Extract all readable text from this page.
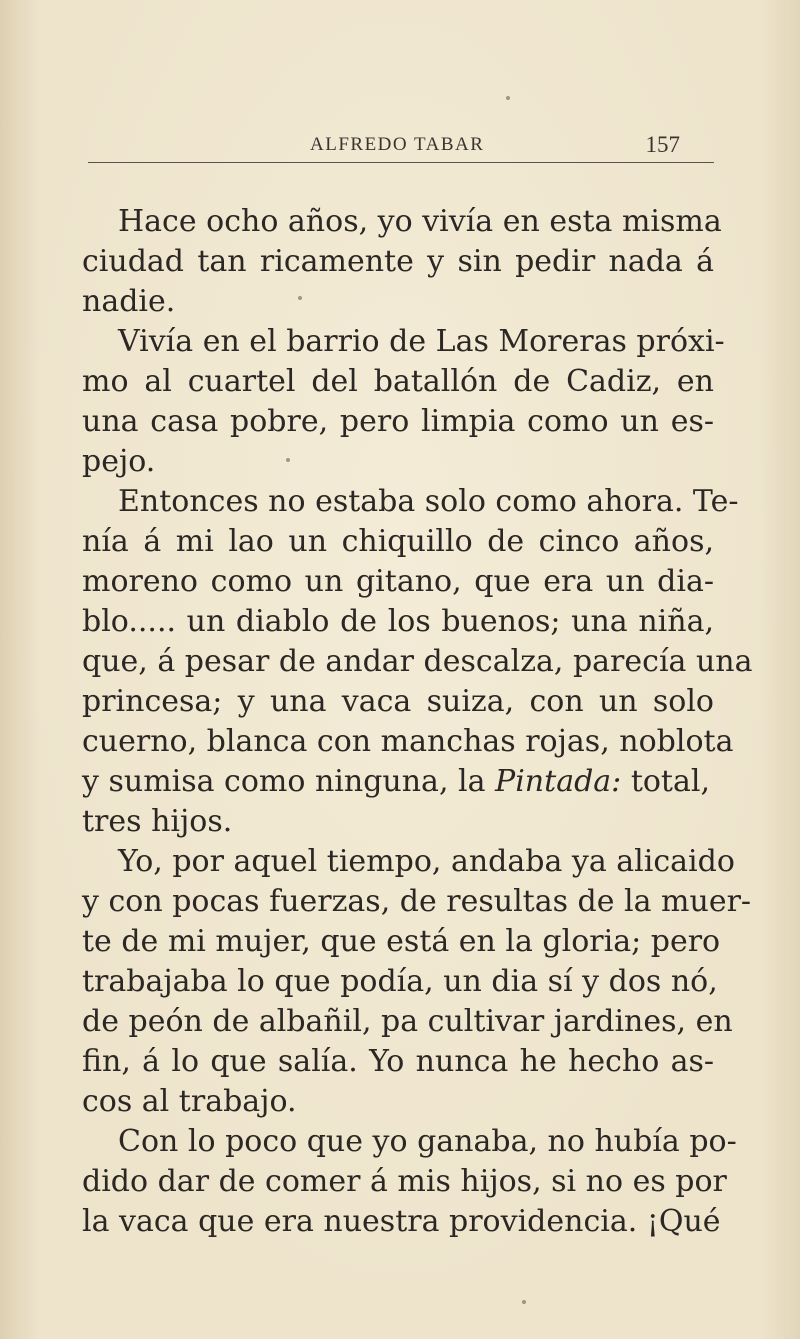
ALFREDO TABAR	157
Hace ocho años, yo vivía en esta misma
ciudad tan ricamente y sin pedir nada á
nadie.
Vivía en el barrio de Las Moreras próxi-
mo al cuartel del batallón de Cadiz, en
una casa pobre, pero limpia como un es-
pejo.
Entonces no estaba solo como ahora. Te-
nía á mi lao un chiquillo de cinco años,
moreno como un gitano, que era un dia-
blo..... un diablo de los buenos; una niña,
que, á pesar de andar descalza, parecía una
princesa; y una vaca suiza, con un solo
cuerno, blanca con manchas rojas, noblota
y sumisa como ninguna, la Pintada: total,
tres hijos.
Yo, por aquel tiempo, andaba ya alicaido
y con pocas fuerzas, de resultas de la muer-
te de mi mujer, que está en la gloria; pero
trabajaba lo que podía, un dia sí y dos nó,
de peón de albañil, pa cultivar jardines, en
fin, á lo que salía. Yo nunca he hecho as-
cos al trabajo.
Con lo poco que yo ganaba, no hubía po-
dido dar de comer á mis hijos, si no es por
la vaca que era nuestra providencia. ¡Qué
